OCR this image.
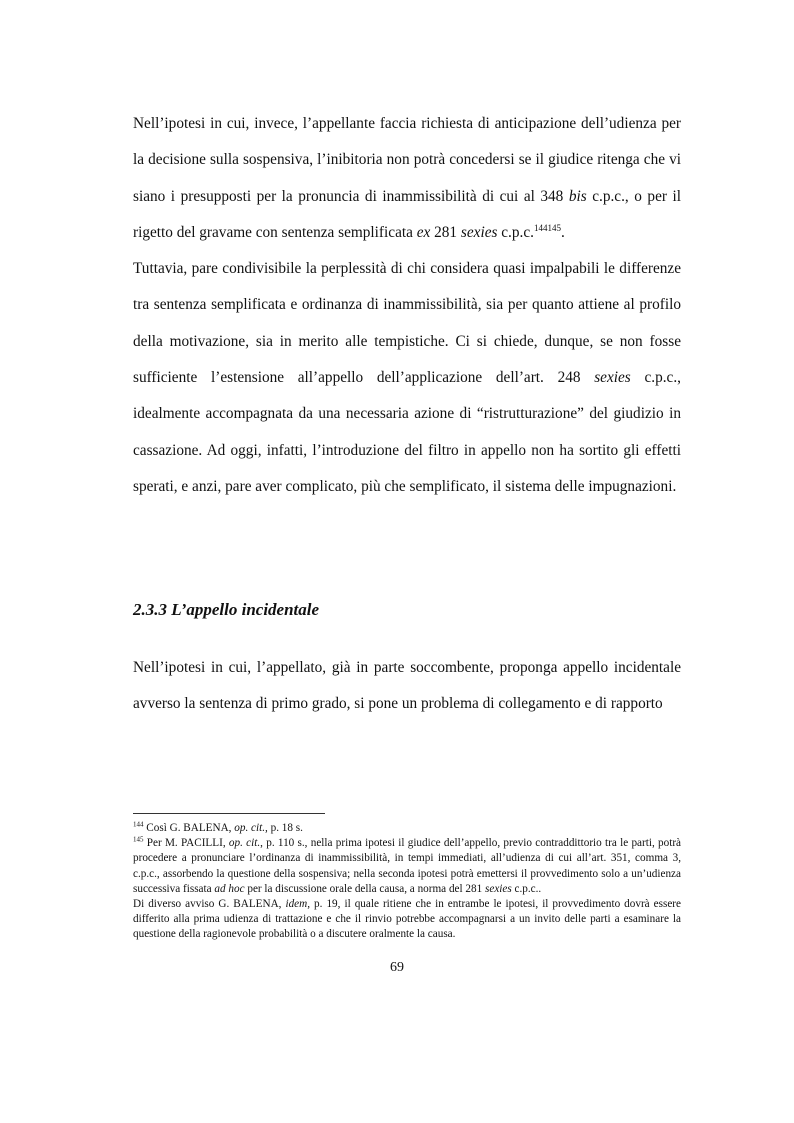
Nell’ipotesi in cui, invece, l’appellante faccia richiesta di anticipazione dell’udienza per la decisione sulla sospensiva, l’inibitoria non potrà concedersi se il giudice ritenga che vi siano i presupposti per la pronuncia di inammissibilità di cui al 348 bis c.p.c., o per il rigetto del gravame con sentenza semplificata ex 281 sexies c.p.c.$^{144145}$.

Tuttavia, pare condivisibile la perplessità di chi considera quasi impalpabili le differenze tra sentenza semplificata e ordinanza di inammissibilità, sia per quanto attiene al profilo della motivazione, sia in merito alle tempistiche. Ci si chiede, dunque, se non fosse sufficiente l’estensione all’appello dell’applicazione dell’art. 248 sexies c.p.c., idealmente accompagnata da una necessaria azione di “ristrutturazione” del giudizio in cassazione. Ad oggi, infatti, l’introduzione del filtro in appello non ha sortito gli effetti sperati, e anzi, pare aver complicato, più che semplificato, il sistema delle impugnazioni.

2.3.3 L’appello incidentale

Nell’ipotesi in cui, l’appellato, già in parte soccombente, proponga appello incidentale avverso la sentenza di primo grado, si pone un problema di collegamento e di rapporto

$^{144}$ Così G. BALENA, op. cit., p. 18 s.

$^{145}$ Per M. PACILLI, op. cit., p. 110 s., nella prima ipotesi il giudice dell’appello, previo contraddittorio tra le parti, potrà procedere a pronunciare l’ordinanza di inammissibilità, in tempi immediati, all’udienza di cui all’art. 351, comma 3, c.p.c., assorbendo la questione della sospensiva; nella seconda ipotesi potrà emettersi il provvedimento solo a un’udienza successiva fissata ad hoc per la discussione orale della causa, a norma del 281 sexies c.p.c..

Di diverso avviso G. BALENA, idem, p. 19, il quale ritiene che in entrambe le ipotesi, il provvedimento dovrà essere differito alla prima udienza di trattazione e che il rinvio potrebbe accompagnarsi a un invito delle parti a esaminare la questione della ragionevole probabilità o a discutere oralmente la causa.

69
